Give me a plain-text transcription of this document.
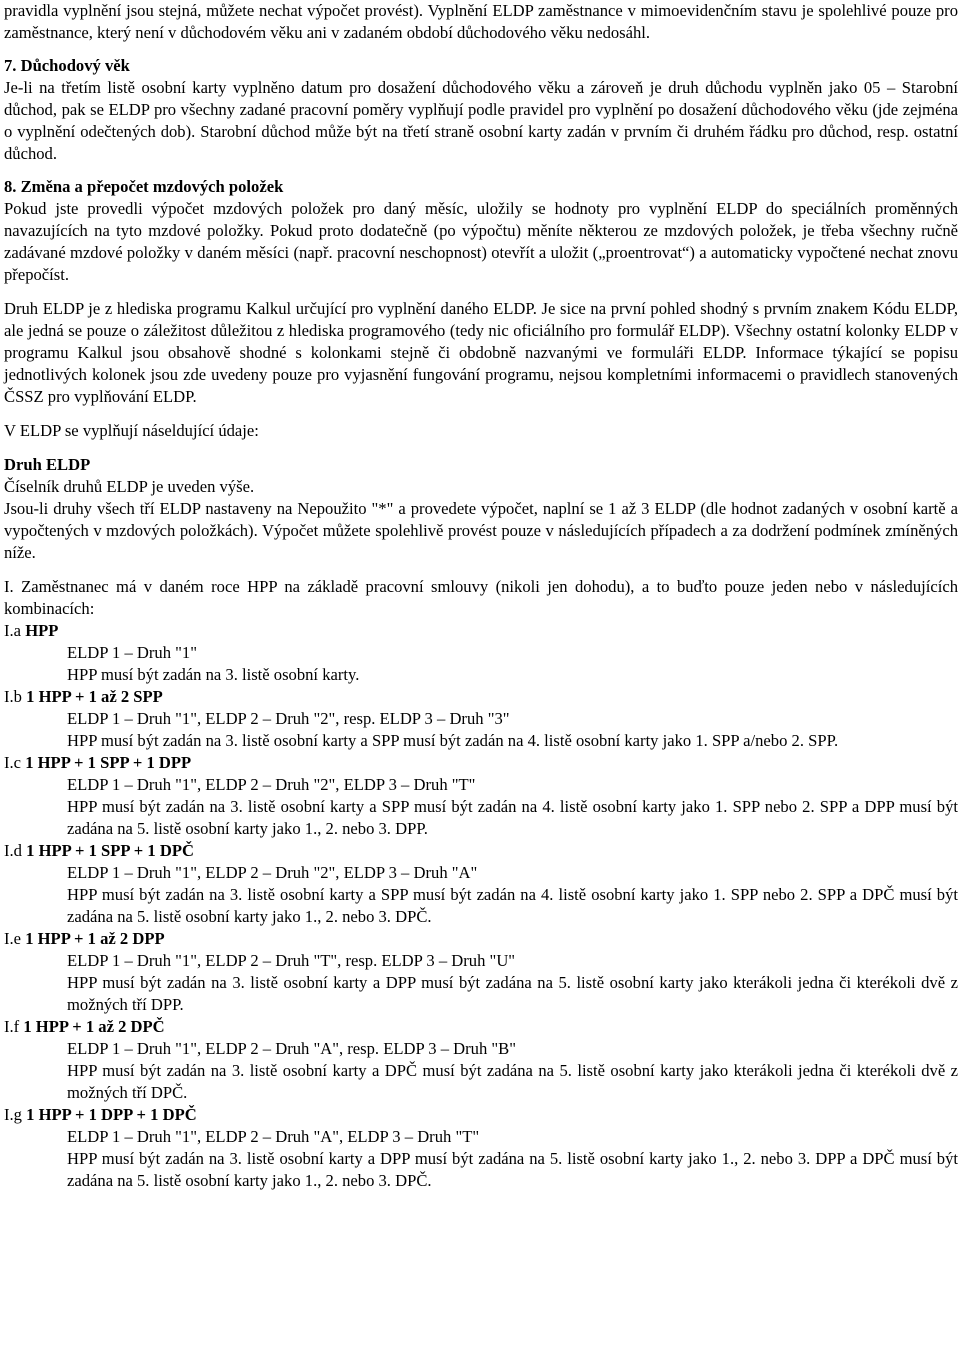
pravidla vyplnění jsou stejná, můžete nechat výpočet provést). Vyplnění ELDP zaměstnance v mimoevidenčním stavu je spolehlivé pouze pro zaměstnance, který není v důchodovém věku ani v zadaném období důchodového věku nedosáhl.

7. Důchodový věk

Je-li na třetím listě osobní karty vyplněno datum pro dosažení důchodového věku a zároveň je druh důchodu vyplněn jako 05 – Starobní důchod, pak se ELDP pro všechny zadané pracovní poměry vyplňují podle pravidel pro vyplnění po dosažení důchodového věku (jde zejména o vyplnění odečtených dob). Starobní důchod může být na třetí straně osobní karty zadán v prvním či druhém řádku pro důchod, resp. ostatní důchod.

8. Změna a přepočet mzdových položek

Pokud jste provedli výpočet mzdových položek pro daný měsíc, uložily se hodnoty pro vyplnění ELDP do speciálních proměnných navazujících na tyto mzdové položky. Pokud proto dodatečně (po výpočtu) měníte některou ze mzdových položek, je třeba všechny ručně zadávané mzdové položky v daném měsíci (např. pracovní neschopnost) otevřít a uložit („proentrovat“) a automaticky vypočtené nechat znovu přepočíst.

Druh ELDP je z hlediska programu Kalkul určující pro vyplnění daného ELDP. Je sice na první pohled shodný s prvním znakem Kódu ELDP, ale jedná se pouze o záležitost důležitou z hlediska programového (tedy nic oficiálního pro formulář ELDP). Všechny ostatní kolonky ELDP v programu Kalkul jsou obsahově shodné s kolonkami stejně či obdobně nazvanými ve formuláři ELDP. Informace týkající se popisu jednotlivých kolonek jsou zde uvedeny pouze pro vyjasnění fungování programu, nejsou kompletními informacemi o pravidlech stanovených ČSSZ pro vyplňování ELDP.

V ELDP se vyplňují náseldující údaje:

Druh ELDP

Číselník druhů ELDP je uveden výše.

Jsou-li druhy všech tří ELDP nastaveny na Nepoužito "*" a provedete výpočet, naplní se 1 až 3 ELDP (dle hodnot zadaných v osobní kartě a vypočtených v mzdových položkách). Výpočet můžete spolehlivě provést pouze v následujících případech a za dodržení podmínek zmíněných níže.

I. Zaměstnanec má v daném roce HPP na základě pracovní smlouvy (nikoli jen dohodu), a to buďto pouze jeden nebo v následujících kombinacích:

I.a HPP

ELDP 1 – Druh "1"

HPP musí být zadán na 3. listě osobní karty.

I.b 1 HPP + 1 až 2 SPP

ELDP 1 – Druh "1", ELDP 2 – Druh "2", resp. ELDP 3 – Druh "3"

HPP musí být zadán na 3. listě osobní karty a SPP musí být zadán na 4. listě osobní karty jako 1. SPP a/nebo 2. SPP.

I.c 1 HPP + 1 SPP + 1 DPP

ELDP 1 – Druh "1", ELDP 2 – Druh "2", ELDP 3 – Druh "T"

HPP musí být zadán na 3. listě osobní karty a SPP musí být zadán na 4. listě osobní karty jako 1. SPP nebo 2. SPP a DPP musí být zadána na 5. listě osobní karty jako 1., 2. nebo 3. DPP.

I.d 1 HPP + 1 SPP + 1 DPČ

ELDP 1 – Druh "1", ELDP 2 – Druh "2", ELDP 3 – Druh "A"

HPP musí být zadán na 3. listě osobní karty a SPP musí být zadán na 4. listě osobní karty jako 1. SPP nebo 2. SPP a DPČ musí být zadána na 5. listě osobní karty jako 1., 2. nebo 3. DPČ.

I.e 1 HPP + 1 až 2 DPP

ELDP 1 – Druh "1", ELDP 2 – Druh "T", resp. ELDP 3 – Druh "U"

HPP musí být zadán na 3. listě osobní karty a DPP musí být zadána na 5. listě osobní karty jako kterákoli jedna či kterékoli dvě z možných tří DPP.

I.f 1 HPP + 1 až 2 DPČ

ELDP 1 – Druh "1", ELDP 2 – Druh "A", resp. ELDP 3 – Druh "B"

HPP musí být zadán na 3. listě osobní karty a DPČ musí být zadána na 5. listě osobní karty jako kterákoli jedna či kterékoli dvě z možných tří DPČ.

I.g 1 HPP + 1 DPP + 1 DPČ

ELDP 1 – Druh "1", ELDP 2 – Druh "A", ELDP 3 – Druh "T"

HPP musí být zadán na 3. listě osobní karty a DPP musí být zadána na 5. listě osobní karty jako 1., 2. nebo 3. DPP a DPČ musí být zadána na 5. listě osobní karty jako 1., 2. nebo 3. DPČ.
